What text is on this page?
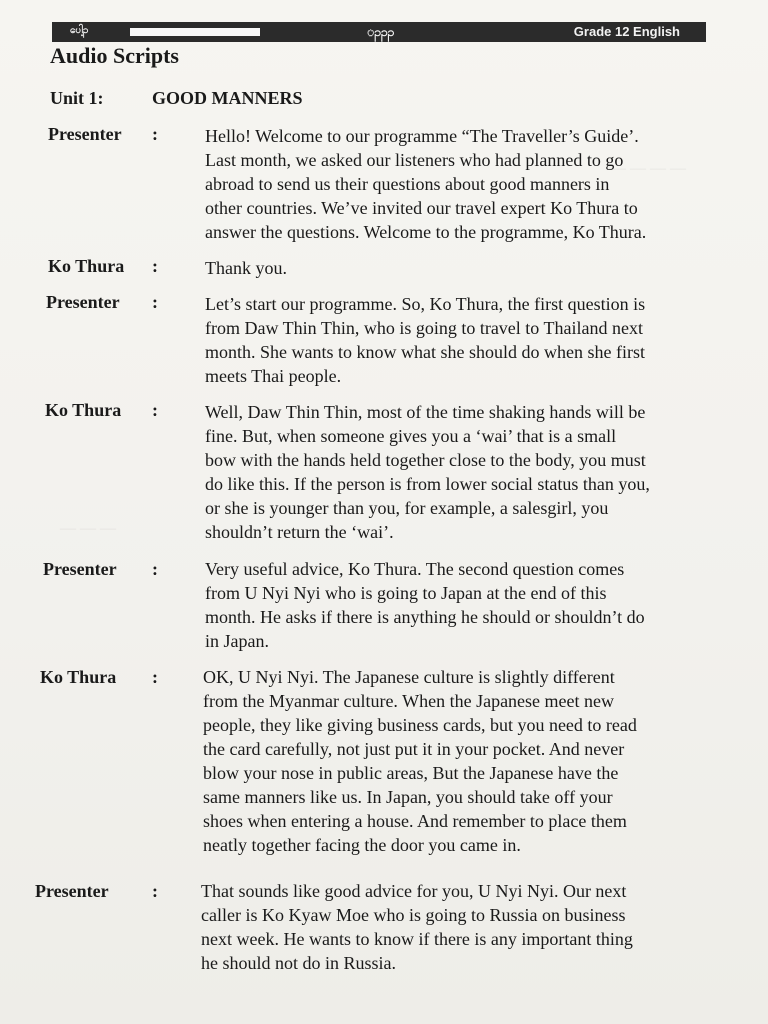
— — — —
— — —
ပေါ့ၣ	ၣၣၣ	Grade 12 English
Audio Scripts
Unit 1:	GOOD MANNERS
Presenter :	Hello! Welcome to our programme “The Traveller’s Guide’.
Last month, we asked our listeners who had planned to go
abroad to send us their questions about good manners in
other countries. We’ve invited our travel expert Ko Thura to
answer the questions. Welcome to the programme, Ko Thura.
Ko Thura :	Thank you.
Presenter :	Let’s start our programme. So, Ko Thura, the first question is
from Daw Thin Thin, who is going to travel to Thailand next
month. She wants to know what she should do when she first
meets Thai people.
Ko Thura :	Well, Daw Thin Thin, most of the time shaking hands will be
fine. But, when someone gives you a ‘wai’ that is a small
bow with the hands held together close to the body, you must
do like this. If the person is from lower social status than you,
or she is younger than you, for example, a salesgirl, you
shouldn’t return the ‘wai’.
Presenter :	Very useful advice, Ko Thura. The second question comes
from U Nyi Nyi who is going to Japan at the end of this
month. He asks if there is anything he should or shouldn’t do
in Japan.
Ko Thura :	OK, U Nyi Nyi. The Japanese culture is slightly different
from the Myanmar culture. When the Japanese meet new
people, they like giving business cards, but you need to read
the card carefully, not just put it in your pocket. And never
blow your nose in public areas, But the Japanese have the
same manners like us. In Japan, you should take off your
shoes when entering a house. And remember to place them
neatly together facing the door you came in.
Presenter : That sounds like good advice for you, U Nyi Nyi. Our next
caller is Ko Kyaw Moe who is going to Russia on business
next week. He wants to know if there is any important thing
he should not do in Russia.
